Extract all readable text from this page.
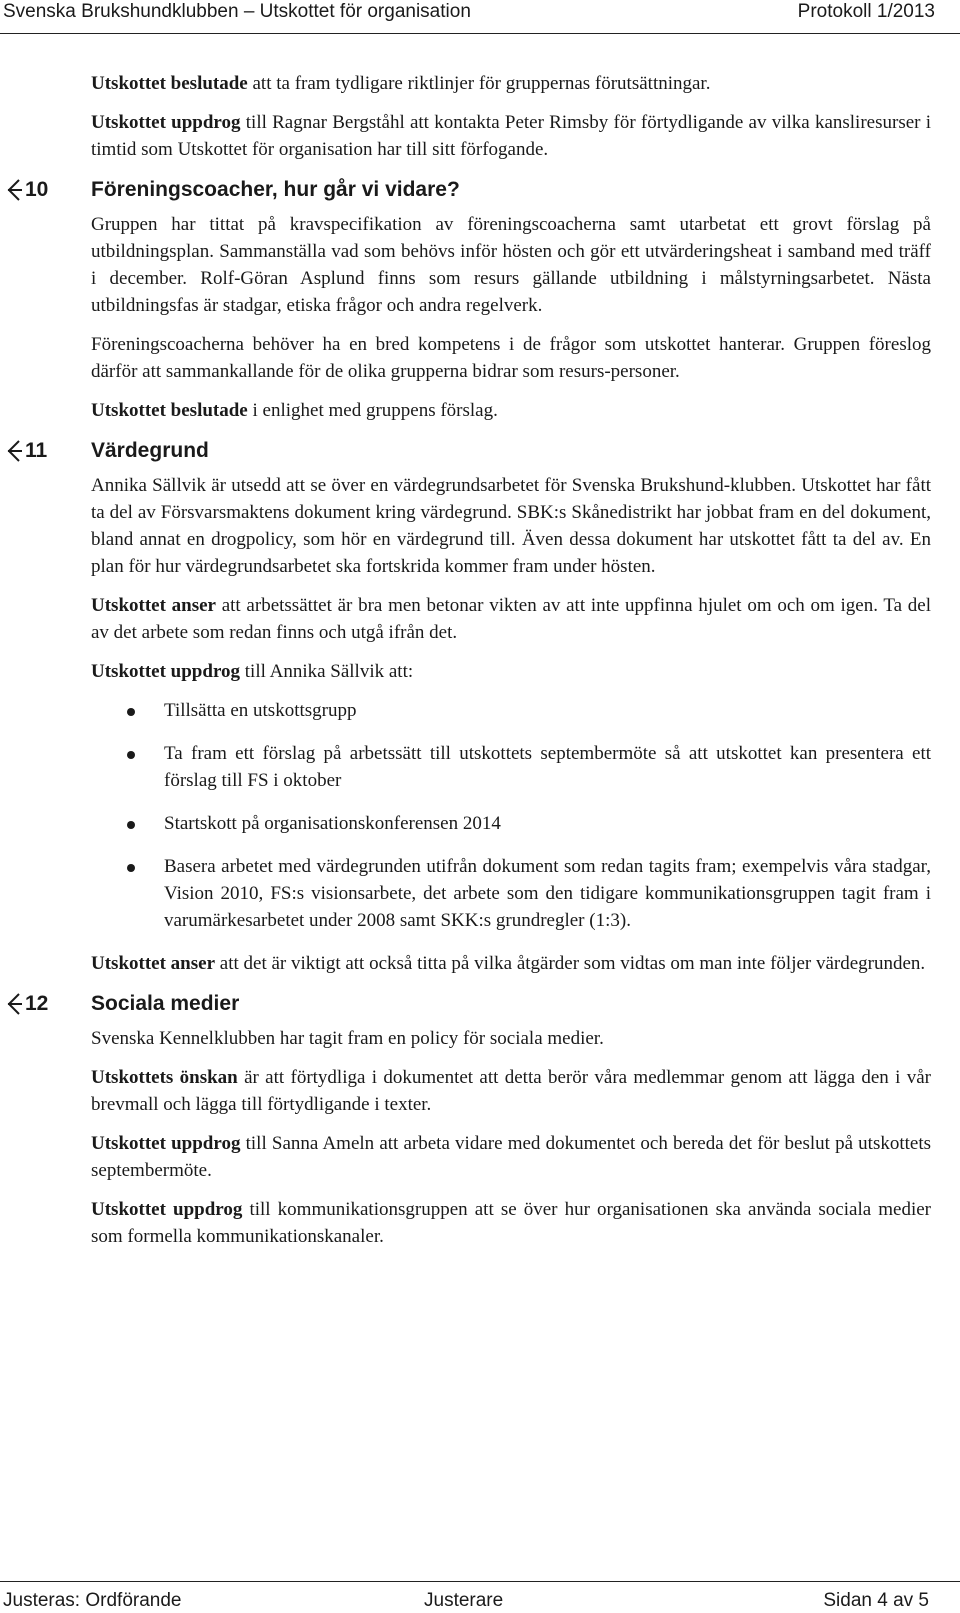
Svenska Brukshundklubben – Utskottet för organisation	Protokoll 1/2013

Utskottet beslutade att ta fram tydligare riktlinjer för gruppernas förutsättningar.

Utskottet uppdrog till Ragnar Bergståhl att kontakta Peter Rimsby för förtydligande av vilka kansliresurser i timtid som Utskottet för organisation har till sitt förfogande.

10 Föreningscoacher, hur går vi vidare?

Gruppen har tittat på kravspecifikation av föreningscoacherna samt utarbetat ett grovt förslag på utbildningsplan. Sammanställa vad som behövs inför hösten och gör ett utvärderingsheat i samband med träff i december. Rolf-Göran Asplund finns som resurs gällande utbildning i målstyrningsarbetet. Nästa utbildningsfas är stadgar, etiska frågor och andra regelverk.

Föreningscoacherna behöver ha en bred kompetens i de frågor som utskottet hanterar. Gruppen föreslog därför att sammankallande för de olika grupperna bidrar som resurs-personer.

Utskottet beslutade i enlighet med gruppens förslag.

11 Värdegrund

Annika Sällvik är utsedd att se över en värdegrundsarbetet för Svenska Brukshund-klubben. Utskottet har fått ta del av Försvarsmaktens dokument kring värdegrund. SBK:s Skånedistrikt har jobbat fram en del dokument, bland annat en drogpolicy, som hör en värdegrund till. Även dessa dokument har utskottet fått ta del av. En plan för hur värdegrundsarbetet ska fortskrida kommer fram under hösten.

Utskottet anser att arbetssättet är bra men betonar vikten av att inte uppfinna hjulet om och om igen. Ta del av det arbete som redan finns och utgå ifrån det.

Utskottet uppdrog till Annika Sällvik att:

Tillsätta en utskottsgrupp
Ta fram ett förslag på arbetssätt till utskottets septembermöte så att utskottet kan presentera ett förslag till FS i oktober
Startskott på organisationskonferensen 2014
Basera arbetet med värdegrunden utifrån dokument som redan tagits fram; exempelvis våra stadgar, Vision 2010, FS:s visionsarbete, det arbete som den tidigare kommunikationsgruppen tagit fram i varumärkesarbetet under 2008 samt SKK:s grundregler (1:3).

Utskottet anser att det är viktigt att också titta på vilka åtgärder som vidtas om man inte följer värdegrunden.

12 Sociala medier

Svenska Kennelklubben har tagit fram en policy för sociala medier.

Utskottets önskan är att förtydliga i dokumentet att detta berör våra medlemmar genom att lägga den i vår brevmall och lägga till förtydligande i texter.

Utskottet uppdrog till Sanna Ameln att arbeta vidare med dokumentet och bereda det för beslut på utskottets septembermöte.

Utskottet uppdrog till kommunikationsgruppen att se över hur organisationen ska använda sociala medier som formella kommunikationskanaler.

Justeras: Ordförande	Justerare	Sidan 4 av 5
